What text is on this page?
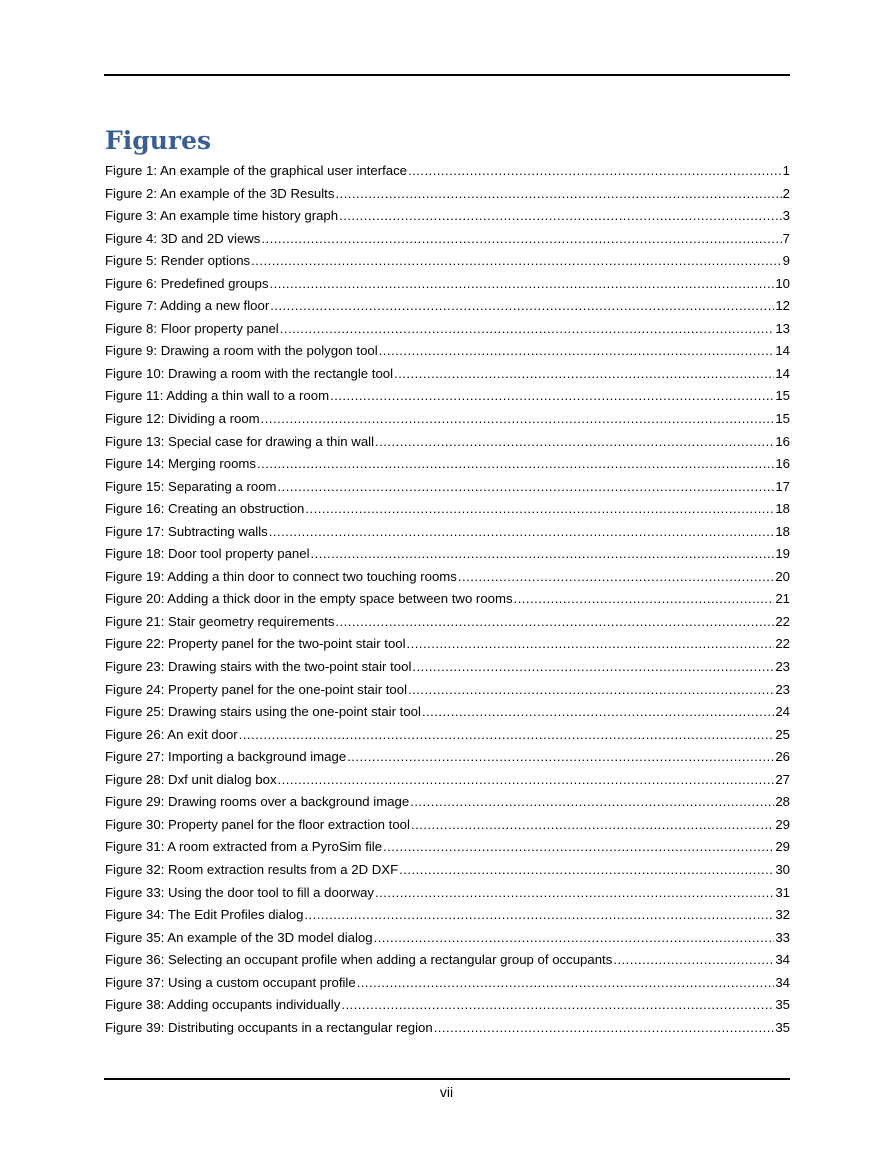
Figures
Figure 1: An example of the graphical user interface .....	1
Figure 2: An example of the 3D Results .....	2
Figure 3: An example time history graph .....	3
Figure 4: 3D and 2D views .....	7
Figure 5: Render options .....	9
Figure 6: Predefined groups .....	10
Figure 7: Adding a new floor .....	12
Figure 8: Floor property panel .....	13
Figure 9: Drawing a room with the polygon tool .....	14
Figure 10: Drawing a room with the rectangle tool .....	14
Figure 11: Adding a thin wall to a room .....	15
Figure 12: Dividing a room .....	15
Figure 13: Special case for drawing a thin wall .....	16
Figure 14: Merging rooms .....	16
Figure 15: Separating a room .....	17
Figure 16: Creating an obstruction .....	18
Figure 17: Subtracting walls .....	18
Figure 18: Door tool property panel .....	19
Figure 19: Adding a thin door to connect two touching rooms .....	20
Figure 20: Adding a thick door in the empty space between two rooms .....	21
Figure 21: Stair geometry requirements .....	22
Figure 22: Property panel for the two-point stair tool .....	22
Figure 23: Drawing stairs with the two-point stair tool .....	23
Figure 24: Property panel for the one-point stair tool .....	23
Figure 25: Drawing stairs using the one-point stair tool .....	24
Figure 26: An exit door .....	25
Figure 27: Importing a background image .....	26
Figure 28: Dxf unit dialog box .....	27
Figure 29: Drawing rooms over a background image .....	28
Figure 30: Property panel for the floor extraction tool .....	29
Figure 31: A room extracted from a PyroSim file .....	29
Figure 32: Room extraction results from a 2D DXF .....	30
Figure 33: Using the door tool to fill a doorway .....	31
Figure 34: The Edit Profiles dialog .....	32
Figure 35: An example of the 3D model dialog .....	33
Figure 36: Selecting an occupant profile when adding a rectangular group of occupants .....	34
Figure 37: Using a custom occupant profile .....	34
Figure 38: Adding occupants individually .....	35
Figure 39: Distributing occupants in a rectangular region .....	35
vii
